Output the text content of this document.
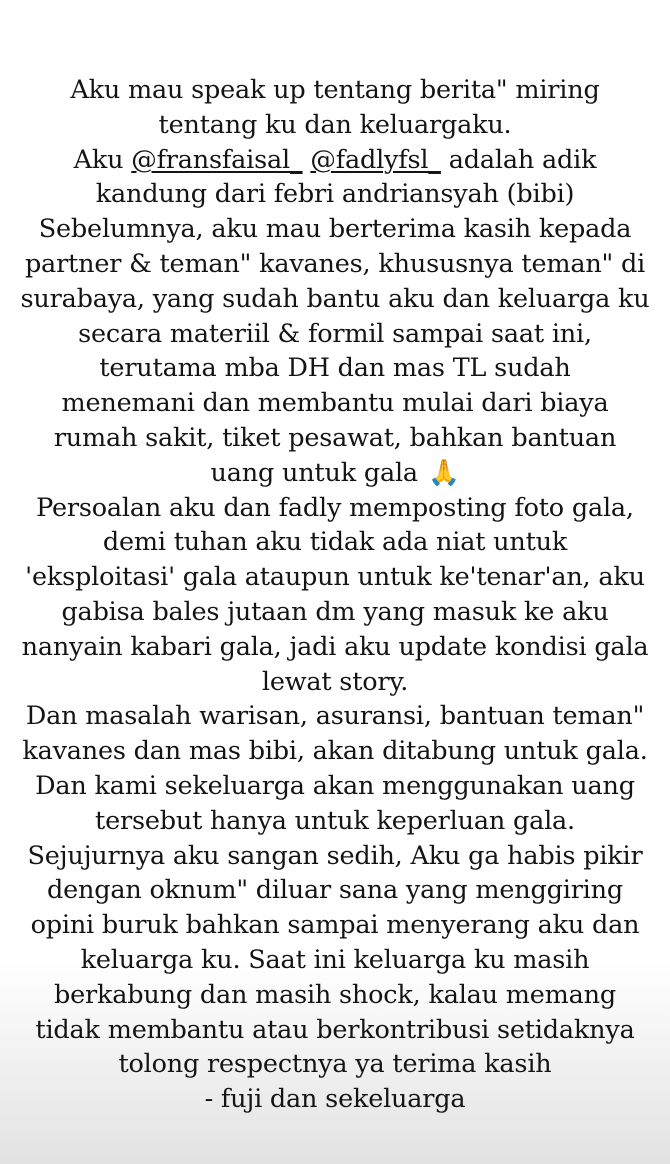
Aku mau speak up tentang berita" miring
tentang ku dan keluargaku.
Aku @fransfaisal_ @fadlyfsl_ adalah adik
kandung dari febri andriansyah (bibi)
Sebelumnya, aku mau berterima kasih kepada
partner & teman" kavanes, khususnya teman" di
surabaya, yang sudah bantu aku dan keluarga ku
secara materiil & formil sampai saat ini,
terutama mba DH dan mas TL sudah
menemani dan membantu mulai dari biaya
rumah sakit, tiket pesawat, bahkan bantuan
uang untuk gala 🙏
Persoalan aku dan fadly memposting foto gala,
demi tuhan aku tidak ada niat untuk
'eksploitasi' gala ataupun untuk ke'tenar'an, aku
gabisa bales jutaan dm yang masuk ke aku
nanyain kabari gala, jadi aku update kondisi gala
lewat story.
Dan masalah warisan, asuransi, bantuan teman"
kavanes dan mas bibi, akan ditabung untuk gala.
Dan kami sekeluarga akan menggunakan uang
tersebut hanya untuk keperluan gala.
Sejujurnya aku sangan sedih, Aku ga habis pikir
dengan oknum" diluar sana yang menggiring
opini buruk bahkan sampai menyerang aku dan
keluarga ku. Saat ini keluarga ku masih
berkabung dan masih shock, kalau memang
tidak membantu atau berkontribusi setidaknya
tolong respectnya ya terima kasih
- fuji dan sekeluarga
